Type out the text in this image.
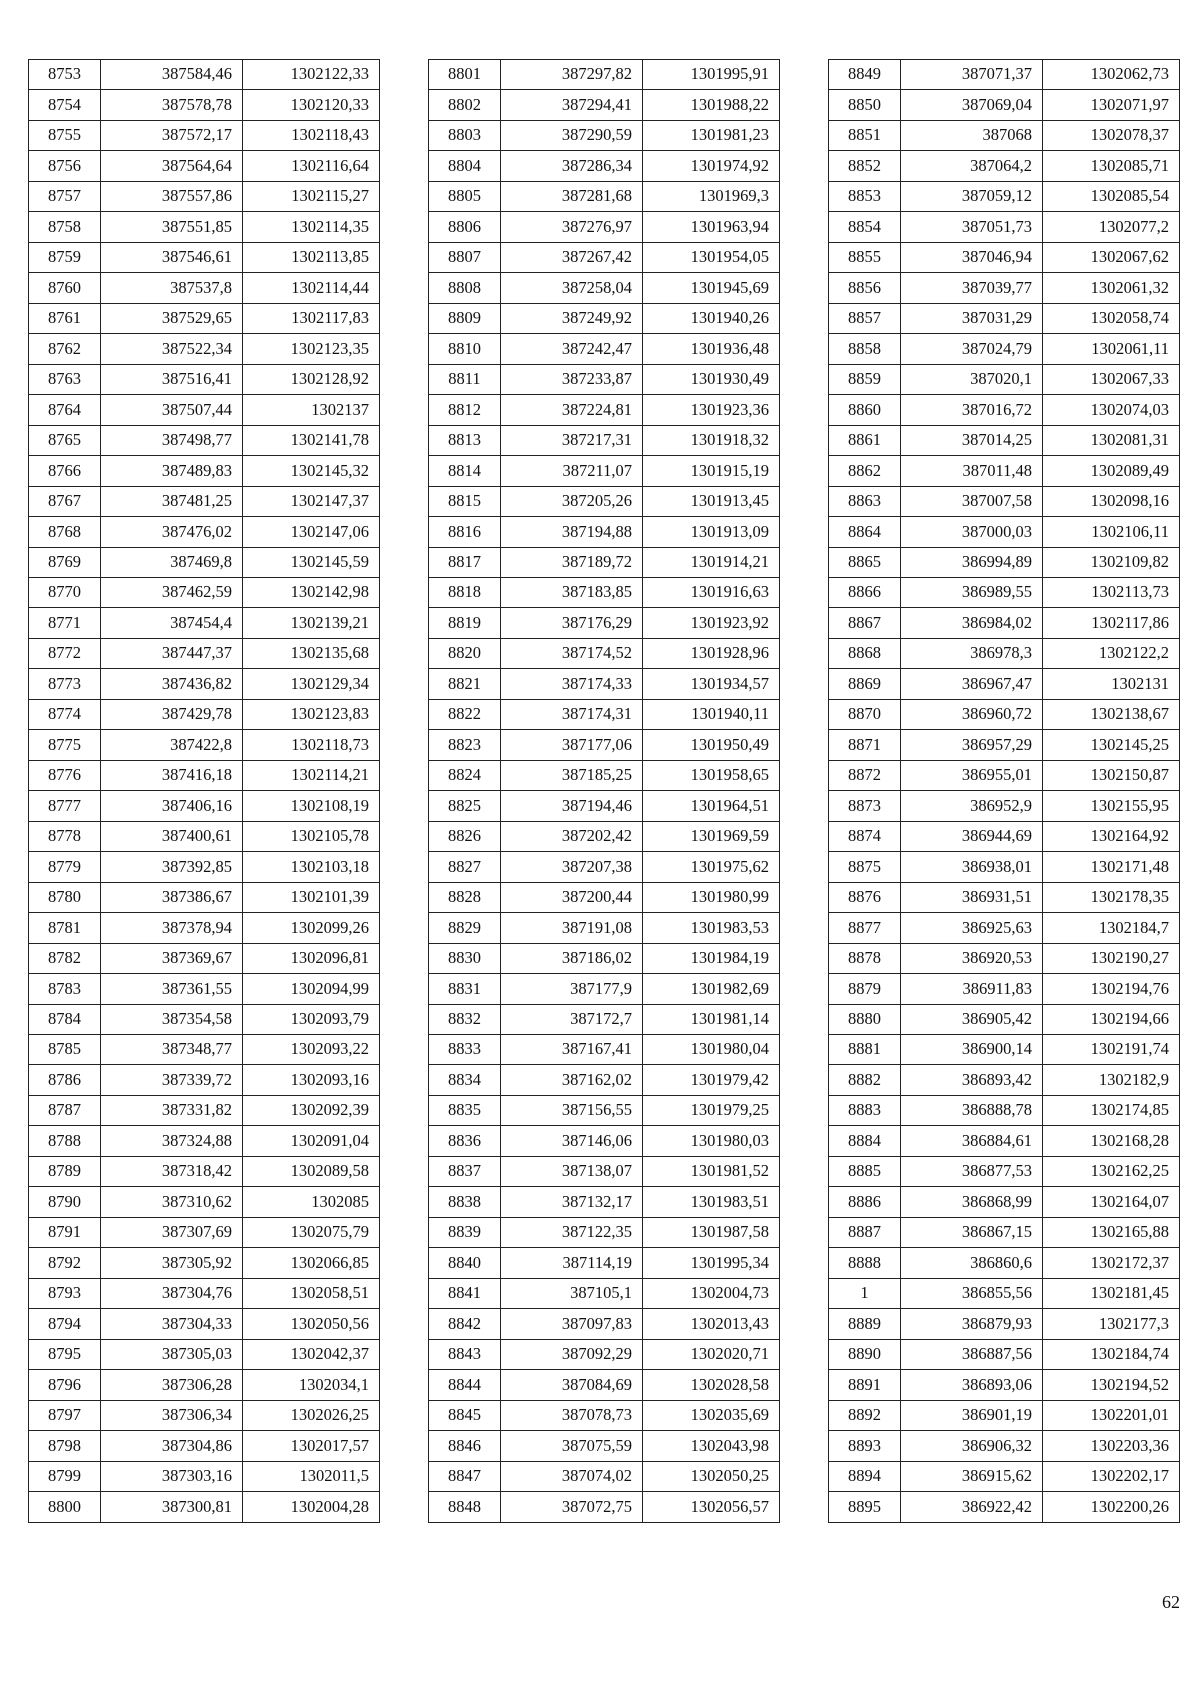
8753	387584,46	1302122,33
8754	387578,78	1302120,33
8755	387572,17	1302118,43
8756	387564,64	1302116,64
8757	387557,86	1302115,27
8758	387551,85	1302114,35
8759	387546,61	1302113,85
8760	387537,8	1302114,44
8761	387529,65	1302117,83
8762	387522,34	1302123,35
8763	387516,41	1302128,92
8764	387507,44	1302137
8765	387498,77	1302141,78
8766	387489,83	1302145,32
8767	387481,25	1302147,37
8768	387476,02	1302147,06
8769	387469,8	1302145,59
8770	387462,59	1302142,98
8771	387454,4	1302139,21
8772	387447,37	1302135,68
8773	387436,82	1302129,34
8774	387429,78	1302123,83
8775	387422,8	1302118,73
8776	387416,18	1302114,21
8777	387406,16	1302108,19
8778	387400,61	1302105,78
8779	387392,85	1302103,18
8780	387386,67	1302101,39
8781	387378,94	1302099,26
8782	387369,67	1302096,81
8783	387361,55	1302094,99
8784	387354,58	1302093,79
8785	387348,77	1302093,22
8786	387339,72	1302093,16
8787	387331,82	1302092,39
8788	387324,88	1302091,04
8789	387318,42	1302089,58
8790	387310,62	1302085
8791	387307,69	1302075,79
8792	387305,92	1302066,85
8793	387304,76	1302058,51
8794	387304,33	1302050,56
8795	387305,03	1302042,37
8796	387306,28	1302034,1
8797	387306,34	1302026,25
8798	387304,86	1302017,57
8799	387303,16	1302011,5
8800	387300,81	1302004,28
8801	387297,82	1301995,91
8802	387294,41	1301988,22
8803	387290,59	1301981,23
8804	387286,34	1301974,92
8805	387281,68	1301969,3
8806	387276,97	1301963,94
8807	387267,42	1301954,05
8808	387258,04	1301945,69
8809	387249,92	1301940,26
8810	387242,47	1301936,48
8811	387233,87	1301930,49
8812	387224,81	1301923,36
8813	387217,31	1301918,32
8814	387211,07	1301915,19
8815	387205,26	1301913,45
8816	387194,88	1301913,09
8817	387189,72	1301914,21
8818	387183,85	1301916,63
8819	387176,29	1301923,92
8820	387174,52	1301928,96
8821	387174,33	1301934,57
8822	387174,31	1301940,11
8823	387177,06	1301950,49
8824	387185,25	1301958,65
8825	387194,46	1301964,51
8826	387202,42	1301969,59
8827	387207,38	1301975,62
8828	387200,44	1301980,99
8829	387191,08	1301983,53
8830	387186,02	1301984,19
8831	387177,9	1301982,69
8832	387172,7	1301981,14
8833	387167,41	1301980,04
8834	387162,02	1301979,42
8835	387156,55	1301979,25
8836	387146,06	1301980,03
8837	387138,07	1301981,52
8838	387132,17	1301983,51
8839	387122,35	1301987,58
8840	387114,19	1301995,34
8841	387105,1	1302004,73
8842	387097,83	1302013,43
8843	387092,29	1302020,71
8844	387084,69	1302028,58
8845	387078,73	1302035,69
8846	387075,59	1302043,98
8847	387074,02	1302050,25
8848	387072,75	1302056,57
8849	387071,37	1302062,73
8850	387069,04	1302071,97
8851	387068	1302078,37
8852	387064,2	1302085,71
8853	387059,12	1302085,54
8854	387051,73	1302077,2
8855	387046,94	1302067,62
8856	387039,77	1302061,32
8857	387031,29	1302058,74
8858	387024,79	1302061,11
8859	387020,1	1302067,33
8860	387016,72	1302074,03
8861	387014,25	1302081,31
8862	387011,48	1302089,49
8863	387007,58	1302098,16
8864	387000,03	1302106,11
8865	386994,89	1302109,82
8866	386989,55	1302113,73
8867	386984,02	1302117,86
8868	386978,3	1302122,2
8869	386967,47	1302131
8870	386960,72	1302138,67
8871	386957,29	1302145,25
8872	386955,01	1302150,87
8873	386952,9	1302155,95
8874	386944,69	1302164,92
8875	386938,01	1302171,48
8876	386931,51	1302178,35
8877	386925,63	1302184,7
8878	386920,53	1302190,27
8879	386911,83	1302194,76
8880	386905,42	1302194,66
8881	386900,14	1302191,74
8882	386893,42	1302182,9
8883	386888,78	1302174,85
8884	386884,61	1302168,28
8885	386877,53	1302162,25
8886	386868,99	1302164,07
8887	386867,15	1302165,88
8888	386860,6	1302172,37
1	386855,56	1302181,45
8889	386879,93	1302177,3
8890	386887,56	1302184,74
8891	386893,06	1302194,52
8892	386901,19	1302201,01
8893	386906,32	1302203,36
8894	386915,62	1302202,17
8895	386922,42	1302200,26
62
